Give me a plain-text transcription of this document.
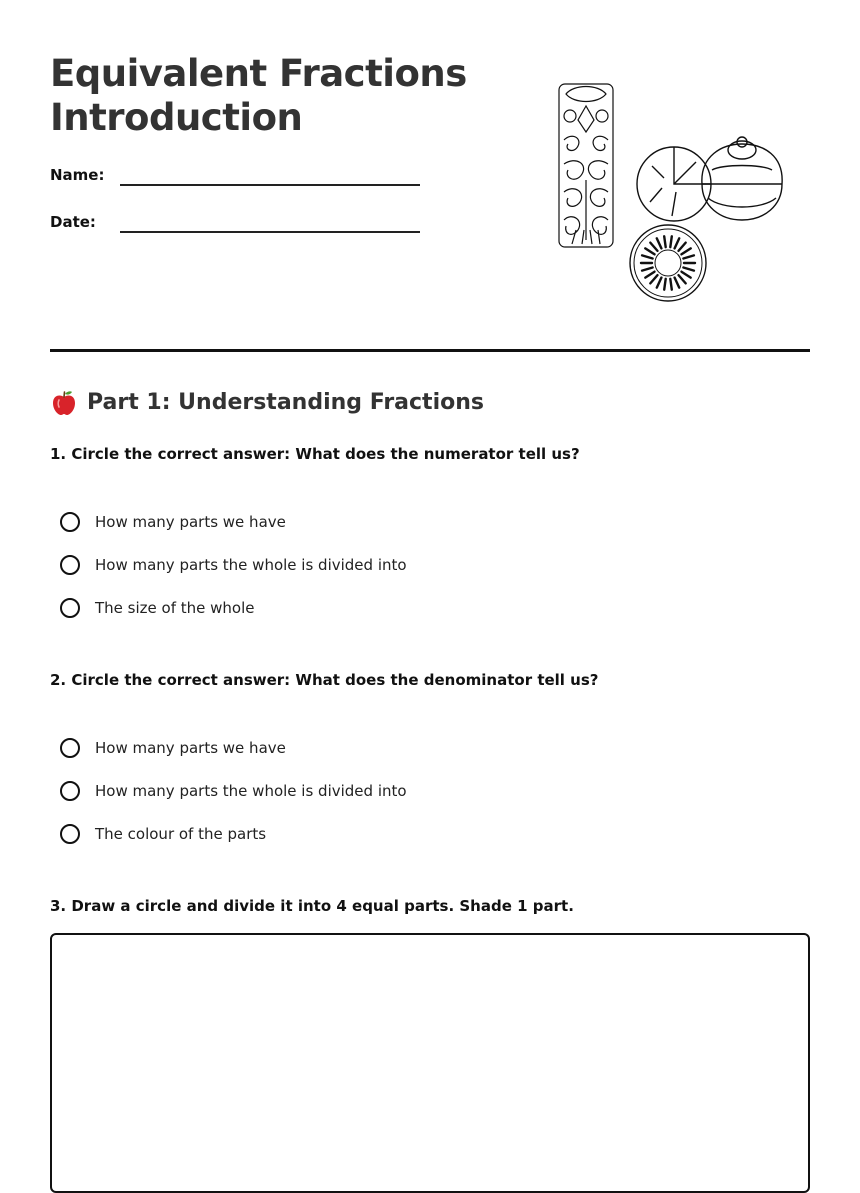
Equivalent Fractions
Introduction
Name:
Date:
Part 1: Understanding Fractions

1. Circle the correct answer: What does the numerator tell us?

How many parts we have
How many parts the whole is divided into
The size of the whole

2. Circle the correct answer: What does the denominator tell us?

How many parts we have
How many parts the whole is divided into
The colour of the parts

3. Draw a circle and divide it into 4 equal parts. Shade 1 part.
